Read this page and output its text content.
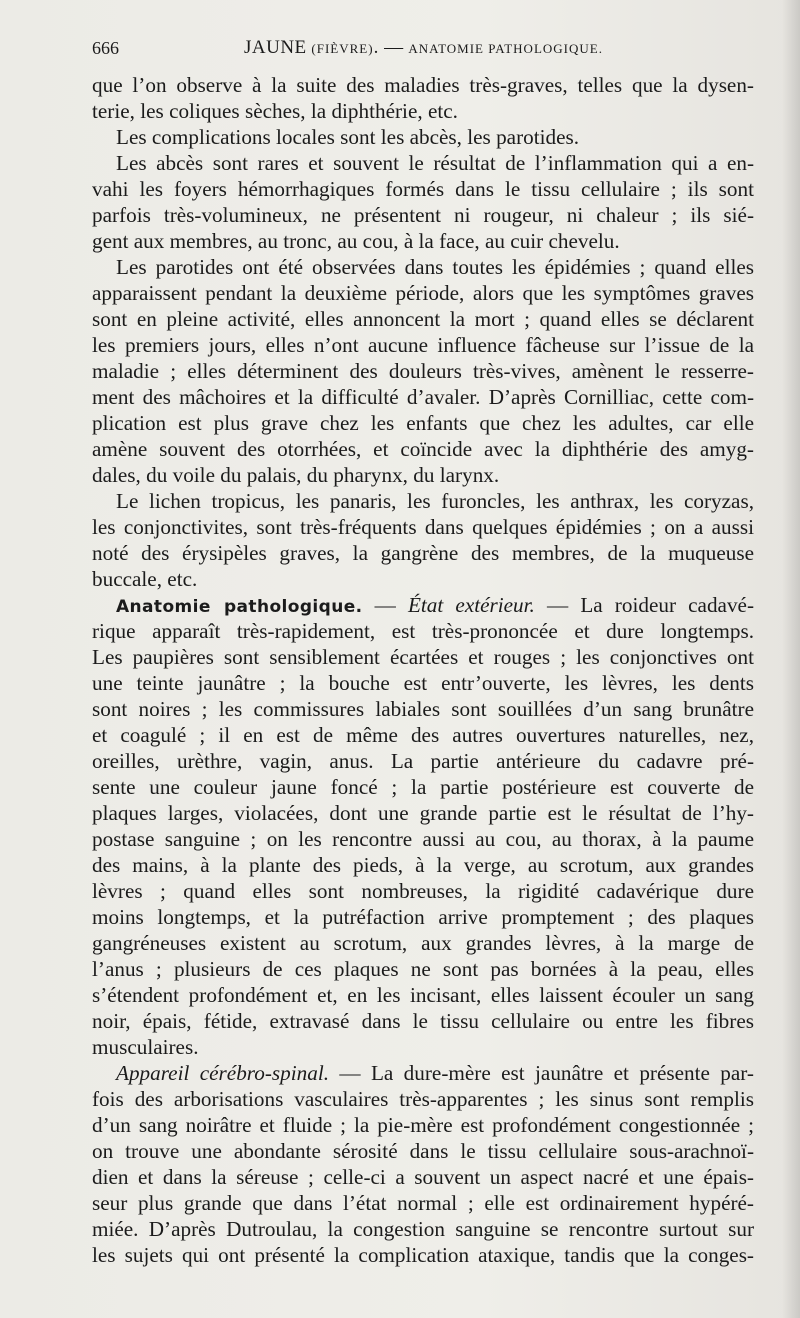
666	JAUNE (FIÈVRE). — ANATOMIE PATHOLOGIQUE.
que l’on observe à la suite des maladies très-graves, telles que la dysen-
terie, les coliques sèches, la diphthérie, etc.
Les complications locales sont les abcès, les parotides.
Les abcès sont rares et souvent le résultat de l’inflammation qui a en-
vahi les foyers hémorrhagiques formés dans le tissu cellulaire ; ils sont
parfois très-volumineux, ne présentent ni rougeur, ni chaleur ; ils sié-
gent aux membres, au tronc, au cou, à la face, au cuir chevelu.
Les parotides ont été observées dans toutes les épidémies ; quand elles
apparaissent pendant la deuxième période, alors que les symptômes graves
sont en pleine activité, elles annoncent la mort ; quand elles se déclarent
les premiers jours, elles n’ont aucune influence fâcheuse sur l’issue de la
maladie ; elles déterminent des douleurs très-vives, amènent le resserre-
ment des mâchoires et la difficulté d’avaler. D’après Cornilliac, cette com-
plication est plus grave chez les enfants que chez les adultes, car elle
amène souvent des otorrhées, et coïncide avec la diphthérie des amyg-
dales, du voile du palais, du pharynx, du larynx.
Le lichen tropicus, les panaris, les furoncles, les anthrax, les coryzas,
les conjonctivites, sont très-fréquents dans quelques épidémies ; on a aussi
noté des érysipèles graves, la gangrène des membres, de la muqueuse
buccale, etc.
Anatomie pathologique. — État extérieur. — La roideur cadavé-
rique apparaît très-rapidement, est très-prononcée et dure longtemps.
Les paupières sont sensiblement écartées et rouges ; les conjonctives ont
une teinte jaunâtre ; la bouche est entr’ouverte, les lèvres, les dents
sont noires ; les commissures labiales sont souillées d’un sang brunâtre
et coagulé ; il en est de même des autres ouvertures naturelles, nez,
oreilles, urèthre, vagin, anus. La partie antérieure du cadavre pré-
sente une couleur jaune foncé ; la partie postérieure est couverte de
plaques larges, violacées, dont une grande partie est le résultat de l’hy-
postase sanguine ; on les rencontre aussi au cou, au thorax, à la paume
des mains, à la plante des pieds, à la verge, au scrotum, aux grandes
lèvres ; quand elles sont nombreuses, la rigidité cadavérique dure
moins longtemps, et la putréfaction arrive promptement ; des plaques
gangréneuses existent au scrotum, aux grandes lèvres, à la marge de
l’anus ; plusieurs de ces plaques ne sont pas bornées à la peau, elles
s’étendent profondément et, en les incisant, elles laissent écouler un sang
noir, épais, fétide, extravasé dans le tissu cellulaire ou entre les fibres
musculaires.
Appareil cérébro-spinal. — La dure-mère est jaunâtre et présente par-
fois des arborisations vasculaires très-apparentes ; les sinus sont remplis
d’un sang noirâtre et fluide ; la pie-mère est profondément congestionnée ;
on trouve une abondante sérosité dans le tissu cellulaire sous-arachnoï-
dien et dans la séreuse ; celle-ci a souvent un aspect nacré et une épais-
seur plus grande que dans l’état normal ; elle est ordinairement hypéré-
miée. D’après Dutroulau, la congestion sanguine se rencontre surtout sur
les sujets qui ont présenté la complication ataxique, tandis que la conges-
